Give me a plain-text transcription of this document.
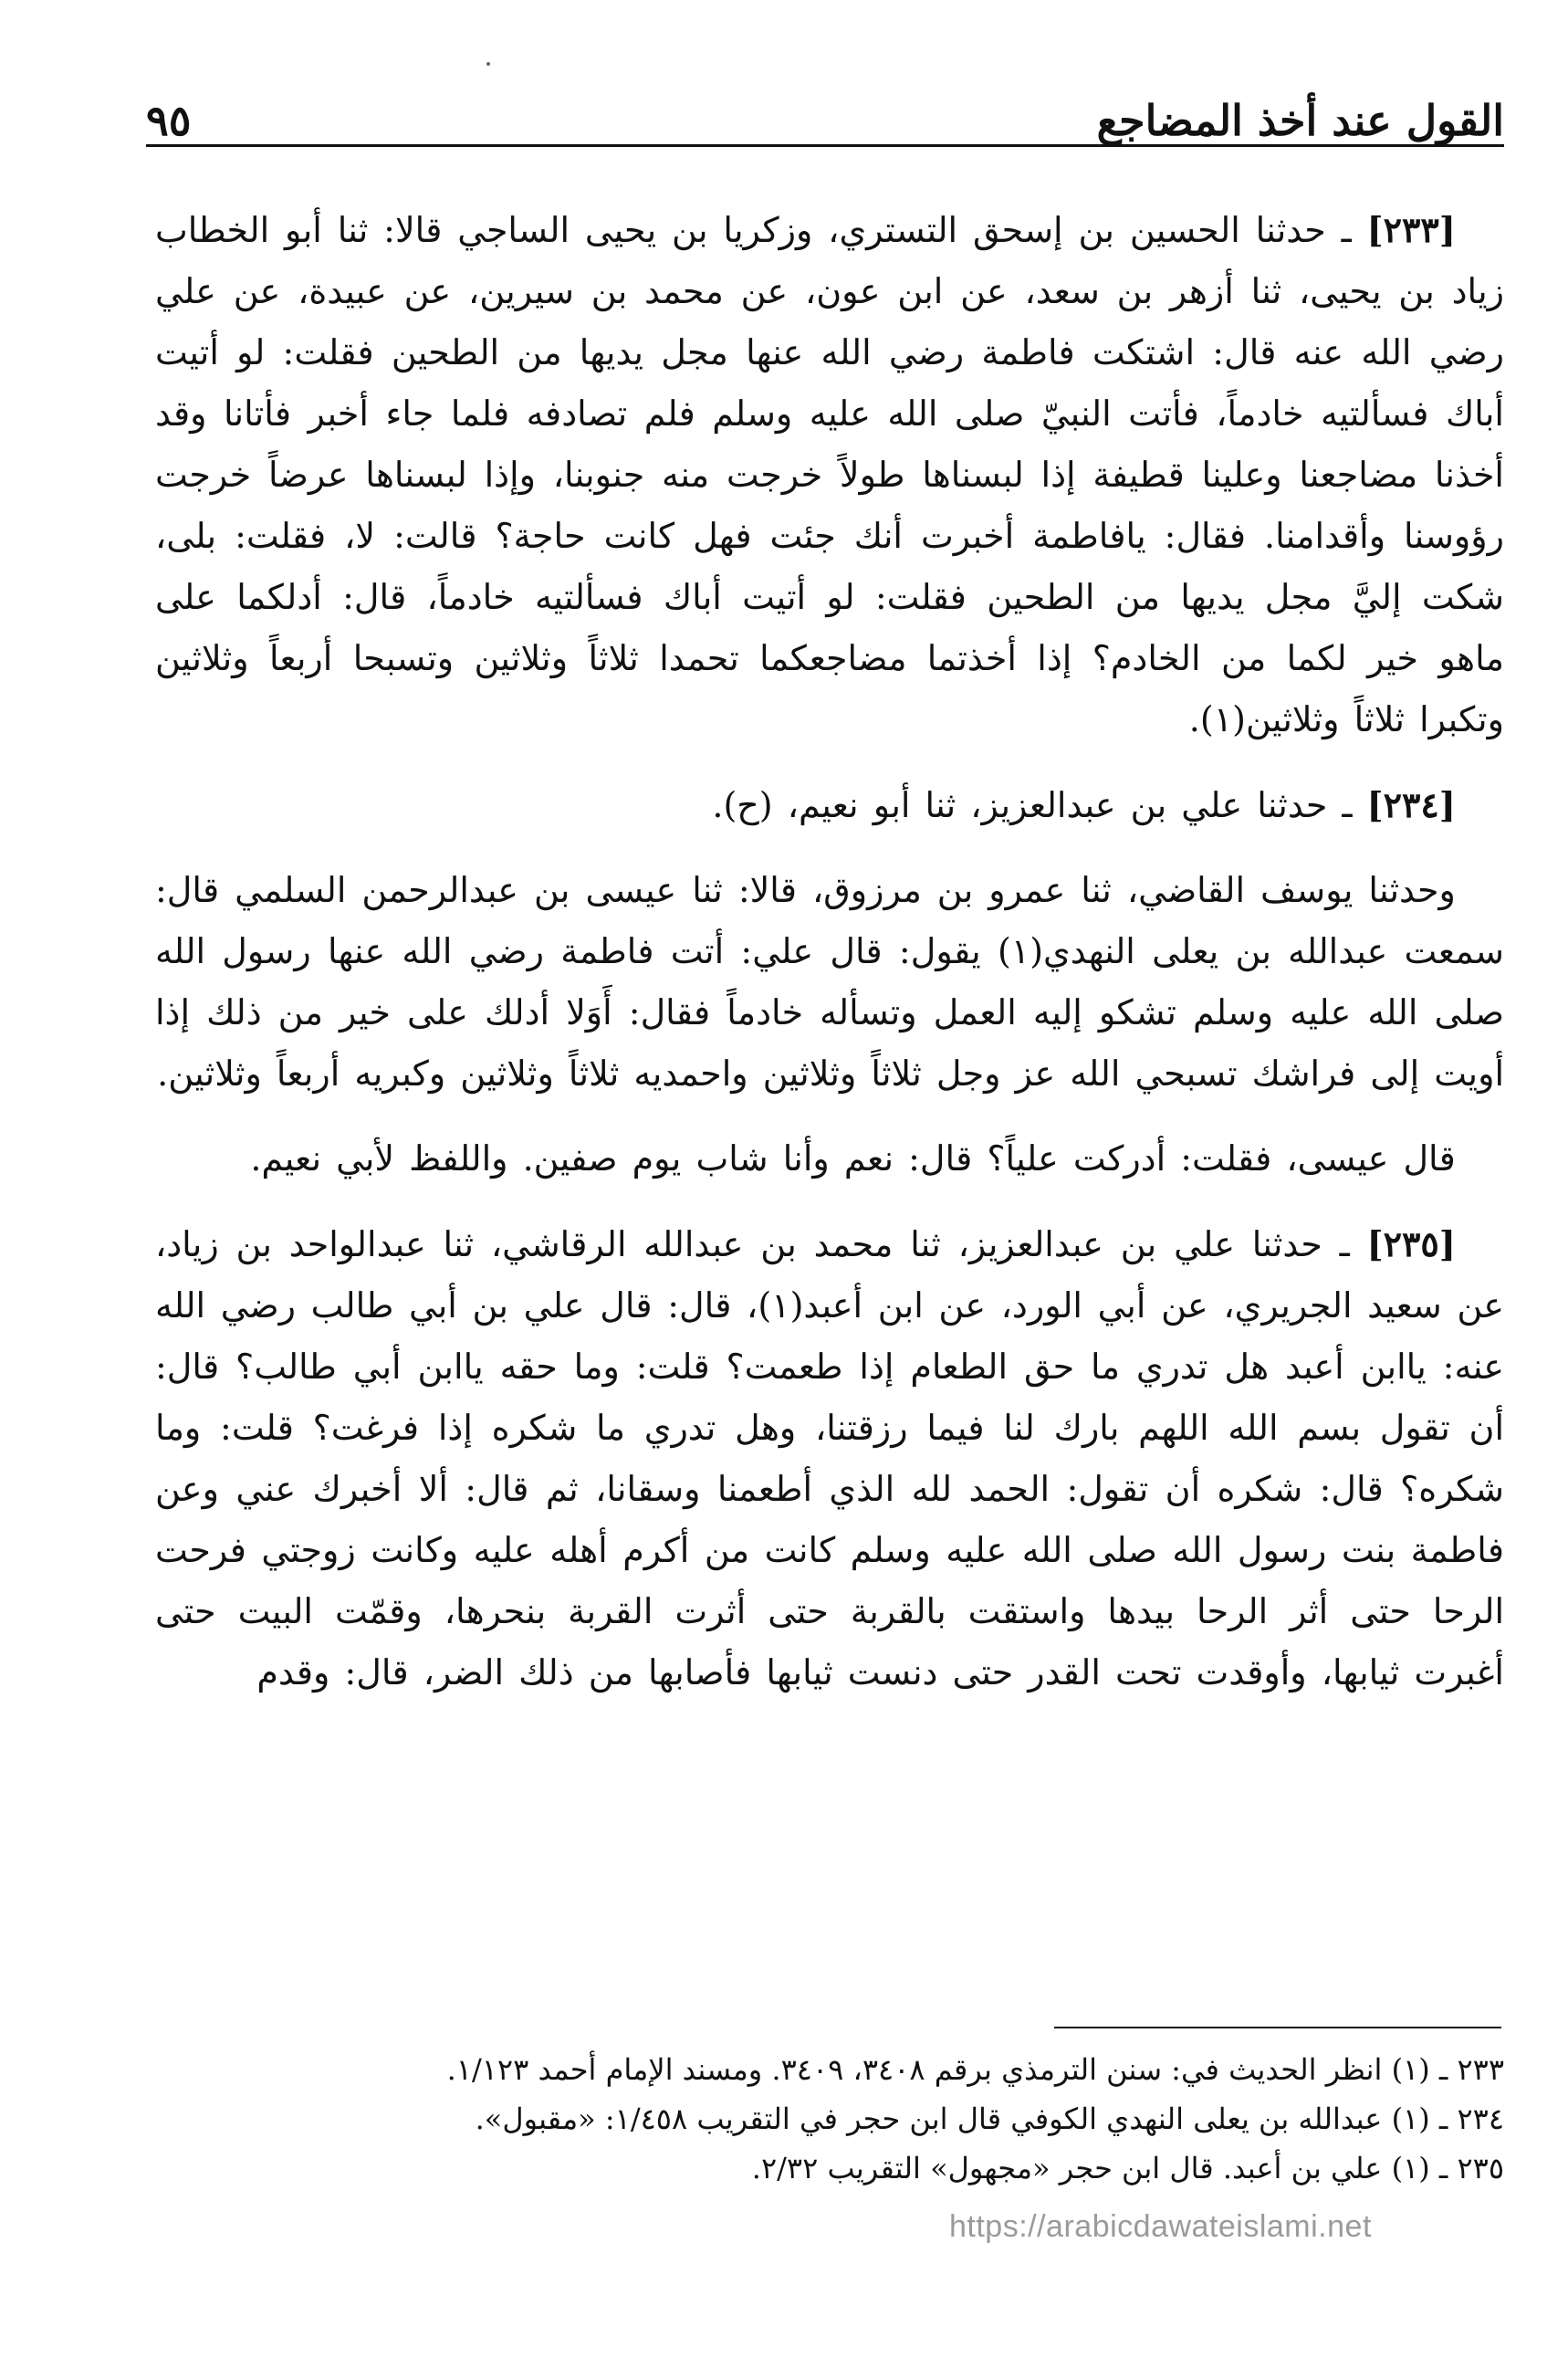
القول عند أخذ المضاجع
٩٥

[٢٣٣] ـ حدثنا الحسين بن إسحق التستري، وزكريا بن يحيى الساجي قالا: ثنا أبو الخطاب زياد بن يحيى، ثنا أزهر بن سعد، عن ابن عون، عن محمد بن سيرين، عن عبيدة، عن علي رضي الله عنه قال: اشتكت فاطمة رضي الله عنها مجل يديها من الطحين فقلت: لو أتيت أباك فسألتيه خادماً، فأتت النبيّ صلى الله عليه وسلم فلم تصادفه فلما جاء أخبر فأتانا وقد أخذنا مضاجعنا وعلينا قطيفة إذا لبسناها طولاً خرجت منه جنوبنا، وإذا لبسناها عرضاً خرجت رؤوسنا وأقدامنا. فقال: يافاطمة أخبرت أنك جئت فهل كانت حاجة؟ قالت: لا، فقلت: بلى، شكت إليَّ مجل يديها من الطحين فقلت: لو أتيت أباك فسألتيه خادماً، قال: أدلكما على ماهو خير لكما من الخادم؟ إذا أخذتما مضاجعكما تحمدا ثلاثاً وثلاثين وتسبحا أربعاً وثلاثين وتكبرا ثلاثاً وثلاثين(١).

[٢٣٤] ـ حدثنا علي بن عبدالعزيز، ثنا أبو نعيم، (ح).

وحدثنا يوسف القاضي، ثنا عمرو بن مرزوق، قالا: ثنا عيسى بن عبدالرحمن السلمي قال: سمعت عبدالله بن يعلى النهدي(١) يقول: قال علي: أتت فاطمة رضي الله عنها رسول الله صلى الله عليه وسلم تشكو إليه العمل وتسأله خادماً فقال: أَوَلا أدلك على خير من ذلك إذا أويت إلى فراشك تسبحي الله عز وجل ثلاثاً وثلاثين واحمديه ثلاثاً وثلاثين وكبريه أربعاً وثلاثين.

قال عيسى، فقلت: أدركت علياً؟ قال: نعم وأنا شاب يوم صفين. واللفظ لأبي نعيم.

[٢٣٥] ـ حدثنا علي بن عبدالعزيز، ثنا محمد بن عبدالله الرقاشي، ثنا عبدالواحد بن زياد، عن سعيد الجريري، عن أبي الورد، عن ابن أعبد(١)، قال: قال علي بن أبي طالب رضي الله عنه: ياابن أعبد هل تدري ما حق الطعام إذا طعمت؟ قلت: وما حقه ياابن أبي طالب؟ قال: أن تقول بسم الله اللهم بارك لنا فيما رزقتنا، وهل تدري ما شكره إذا فرغت؟ قلت: وما شكره؟ قال: شكره أن تقول: الحمد لله الذي أطعمنا وسقانا، ثم قال: ألا أخبرك عني وعن فاطمة بنت رسول الله صلى الله عليه وسلم كانت من أكرم أهله عليه وكانت زوجتي فرحت الرحا حتى أثر الرحا بيدها واستقت بالقربة حتى أثرت القربة بنحرها، وقمّت البيت حتى أغبرت ثيابها، وأوقدت تحت القدر حتى دنست ثيابها فأصابها من ذلك الضر، قال: وقدم

٢٣٣ ـ (١) انظر الحديث في: سنن الترمذي برقم ٣٤٠٨، ٣٤٠٩. ومسند الإمام أحمد ١/١٢٣.

٢٣٤ ـ (١) عبدالله بن يعلى النهدي الكوفي قال ابن حجر في التقريب ١/٤٥٨: «مقبول».

٢٣٥ ـ (١) علي بن أعبد. قال ابن حجر «مجهول» التقريب ٢/٣٢.

https://arabicdawateislami.net
